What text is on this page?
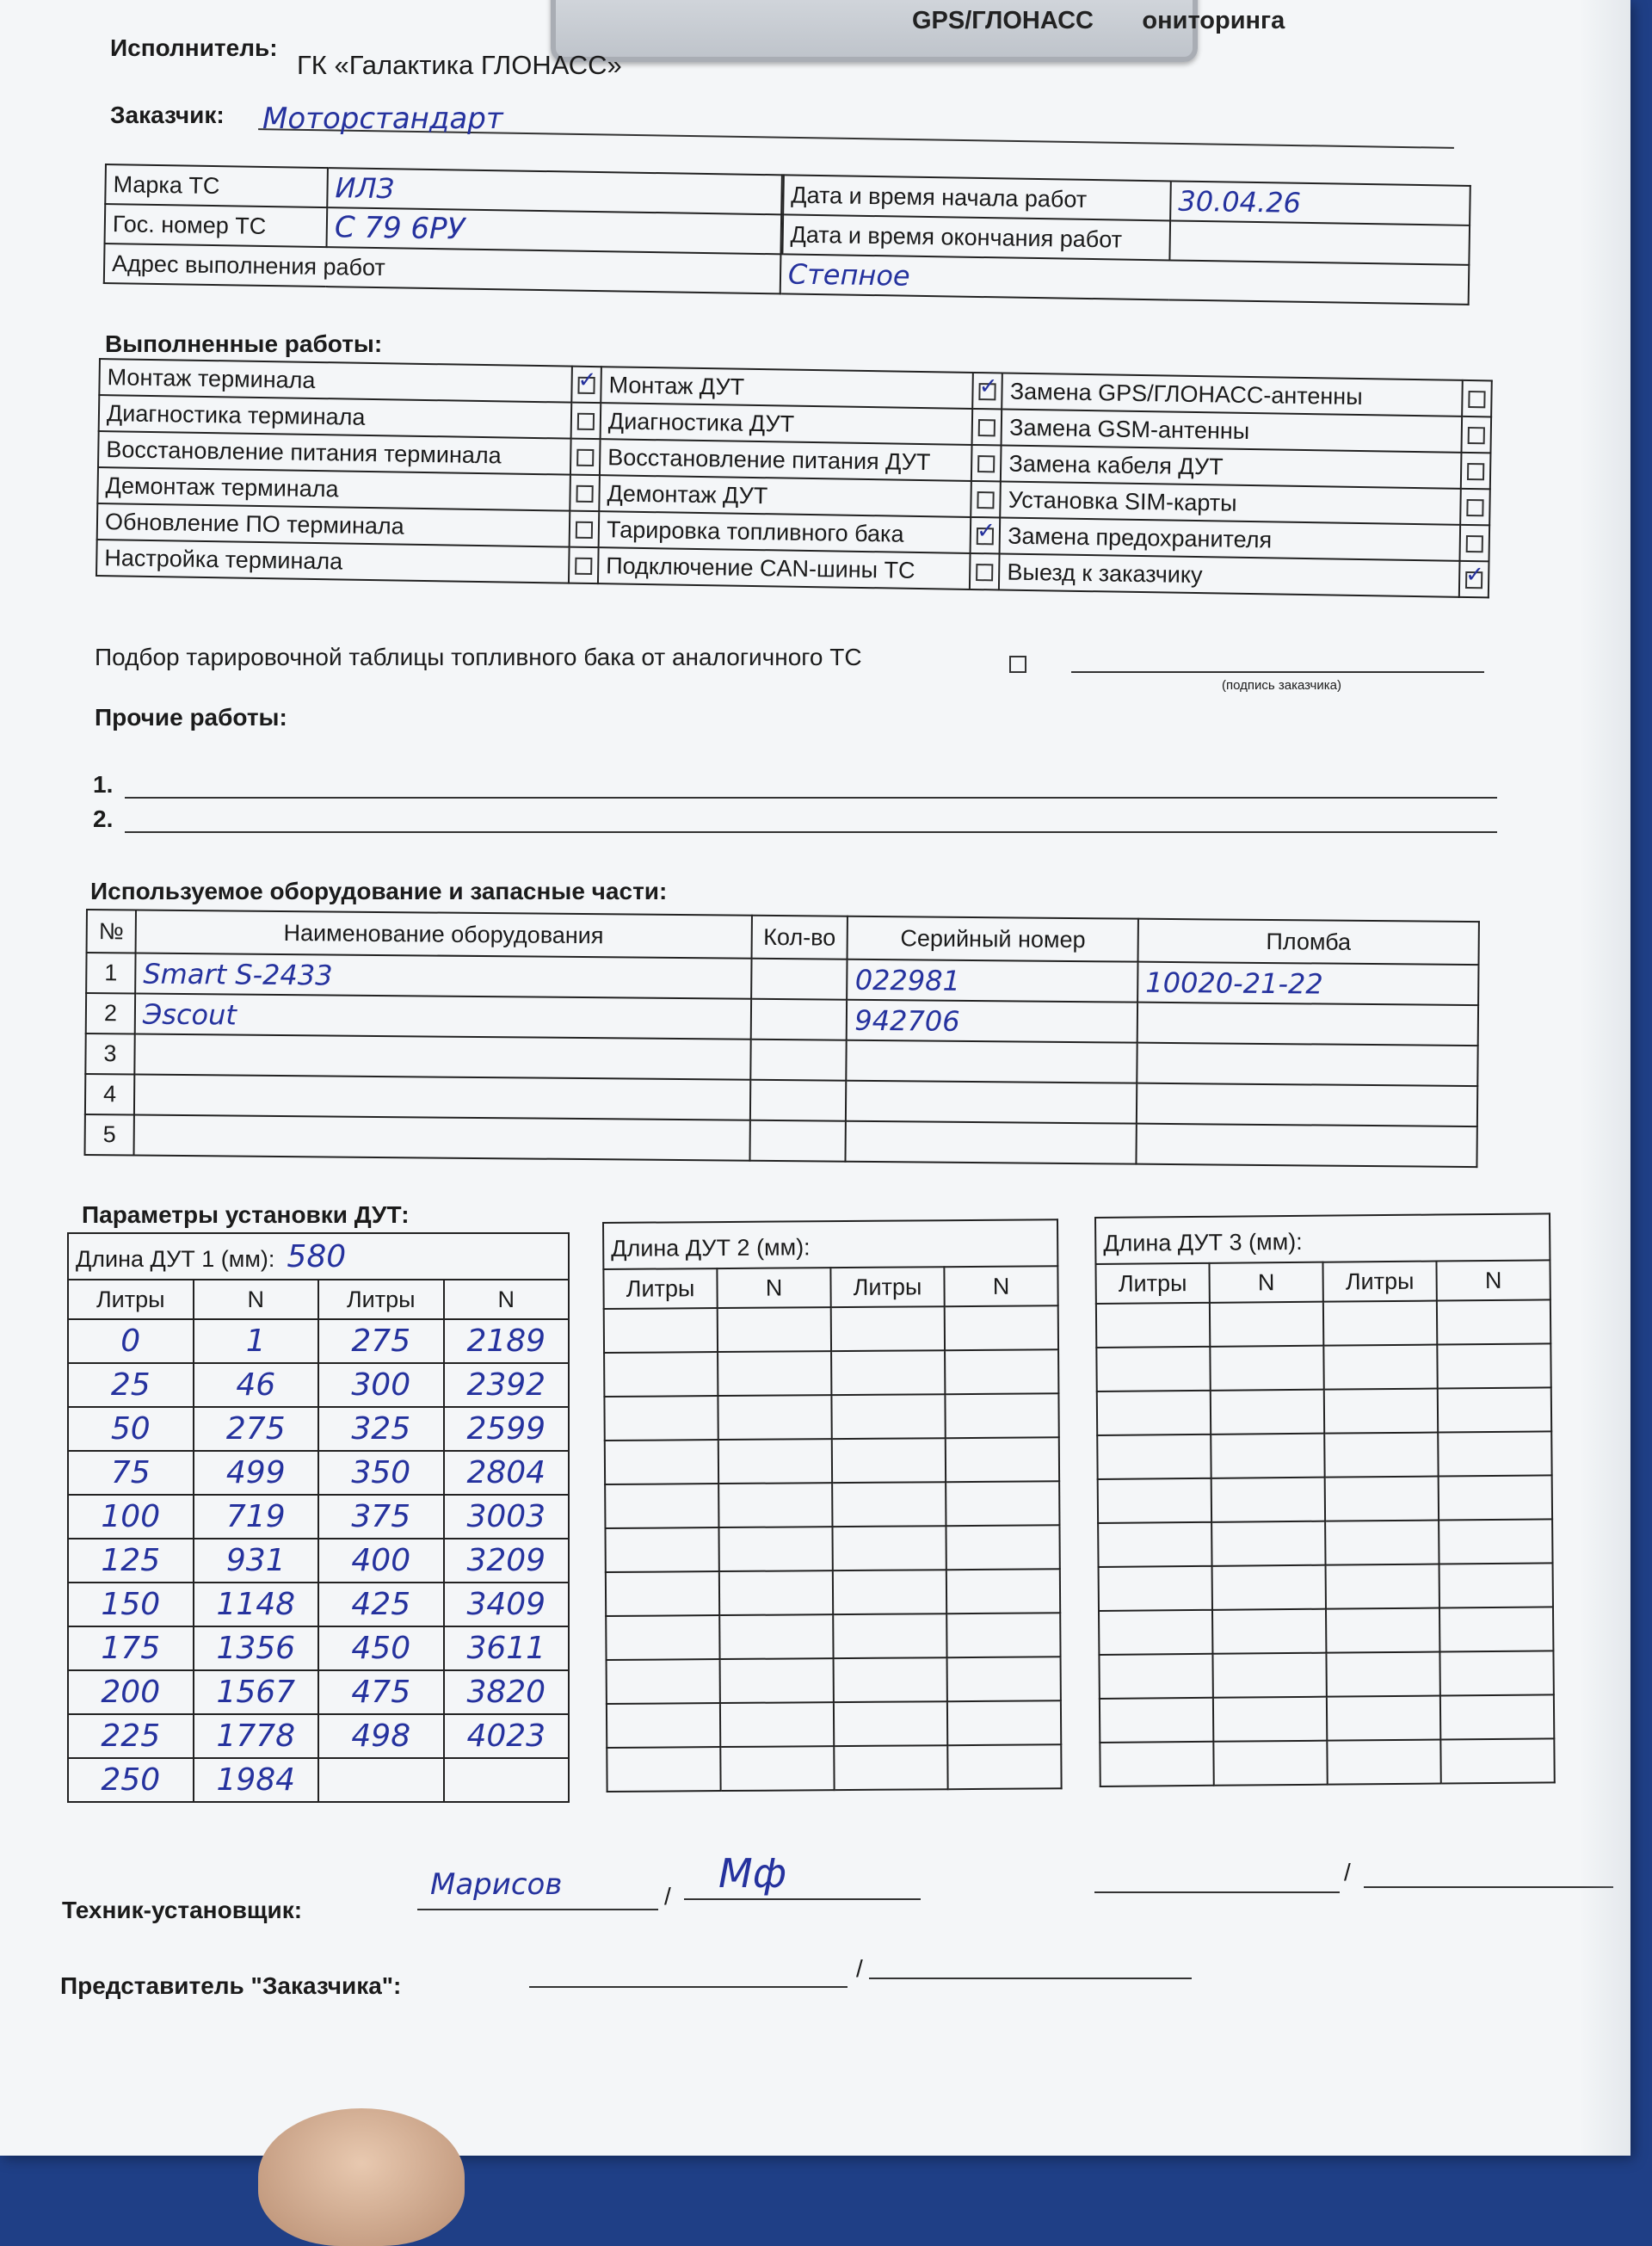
GPS/ГЛОНАСС ониторинга
Исполнитель:
ГК «Галактика ГЛОНАСС»
Заказчик: Моторстандарт
Марка ТС	ИЛЗ		Дата и время начала работ	30.04.26
Гос. номер ТС	С 79 6РУ		Дата и время окончания работ	
Адрес выполнения работ		Степное		
Выполненные работы:
Монтаж терминала	✓	Монтаж ДУТ	✓	Замена GPS/ГЛОНАСС-антенны	
Диагностика терминала		Диагностика ДУТ		Замена GSM-антенны	
Восстановление питания терминала		Восстановление питания ДУТ		Замена кабеля ДУТ	
Демонтаж терминала		Демонтаж ДУТ		Установка SIM-карты	
Обновление ПО терминала		Тарировка топливного бака	✓	Замена предохранителя	
Настройка терминала		Подключение CAN-шины ТС		Выезд к заказчику	✓
Подбор тарировочной таблицы топливного бака от аналогичного ТС
(подпись заказчика)
Прочие работы:
1.
2.
Используемое оборудование и запасные части:
№	Наименование оборудования	Кол-во	Серийный номер	Пломба
1	Smart S-2433		022981	10020-21-22
2	Эscout		942706	
3				
4				
5				
Параметры установки ДУТ:
Длина ДУТ 1 (мм): 580			
Литры	N	Литры	N
0	1	275	2189
25	46	300	2392
50	275	325	2599
75	499	350	2804
100	719	375	3003
125	931	400	3209
150	1148	425	3409
175	1356	450	3611
200	1567	475	3820
225	1778	498	4023
250	1984		
Длина ДУТ 2 (мм):			
Литры	N	Литры	N

Длина ДУТ 3 (мм):			
Литры	N	Литры	N

Техник-установщик:
Марисов	/ Мф	/
Представитель "Заказчика":
/
